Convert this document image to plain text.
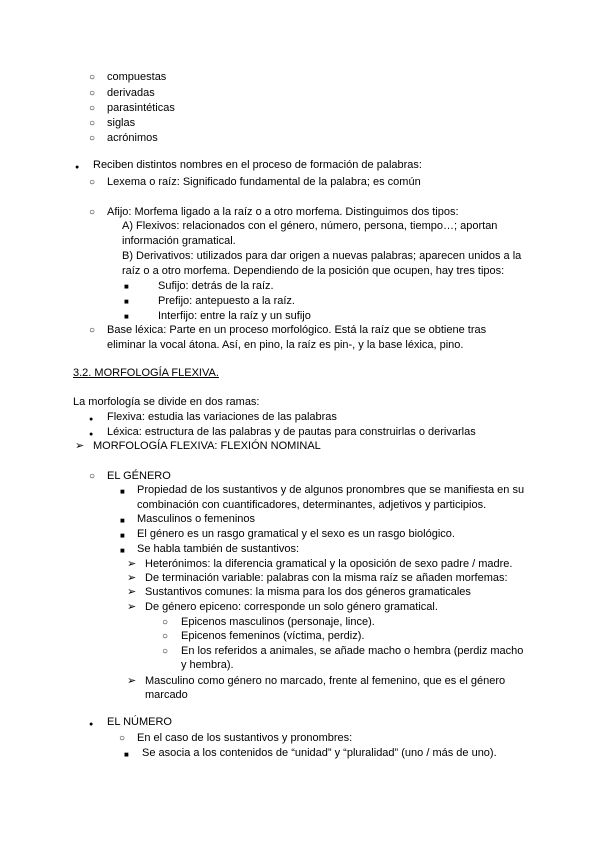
○
compuestas
○
derivadas
○
parasintéticas
○
siglas
○
acrónimos
●
Reciben distintos nombres en el proceso de formación de palabras:
○
Lexema o raíz: Significado fundamental de la palabra; es común
○
Afijo: Morfema ligado a la raíz o a otro morfema. Distinguimos dos tipos:
A) Flexivos: relacionados con el género, número, persona, tiempo…; aportan
información gramatical.
B) Derivativos: utilizados para dar origen a nuevas palabras; aparecen unidos a la
raíz o a otro morfema. Dependiendo de la posición que ocupen, hay tres tipos:
■
Sufijo: detrás de la raíz.
■
Prefijo: antepuesto a la raíz.
■
Interfijo: entre la raíz y un sufijo
○
Base léxica: Parte en un proceso morfológico. Está la raíz que se obtiene tras
eliminar la vocal átona. Así, en pino, la raíz es pin-, y la base léxica, pino.
3.2. MORFOLOGÍA FLEXIVA.
La morfología se divide en dos ramas:
●
Flexiva: estudia las variaciones de las palabras
●
Léxica: estructura de las palabras y de pautas para construirlas o derivarlas
➢
MORFOLOGÍA FLEXIVA: FLEXIÓN NOMINAL
○
EL GÉNERO
■
Propiedad de los sustantivos y de algunos pronombres que se manifiesta en su
combinación con cuantificadores, determinantes, adjetivos y participios.
■
Masculinos o femeninos
■
El género es un rasgo gramatical y el sexo es un rasgo biológico.
■
Se habla también de sustantivos:
➢
Heterónimos: la diferencia gramatical y la oposición de sexo padre / madre.
➢
De terminación variable: palabras con la misma raíz se añaden morfemas:
➢
Sustantivos comunes: la misma para los dos géneros gramaticales
➢
De género epiceno: corresponde un solo género gramatical.
○
Epicenos masculinos (personaje, lince).
○
Epicenos femeninos (víctima, perdiz).
○
En los referidos a animales, se añade macho o hembra (perdiz macho
y hembra).
➢
Masculino como género no marcado, frente al femenino, que es el género
marcado
●
EL NÚMERO
○
En el caso de los sustantivos y pronombres:
■
Se asocia a los contenidos de “unidad” y “pluralidad” (uno / más de uno).
